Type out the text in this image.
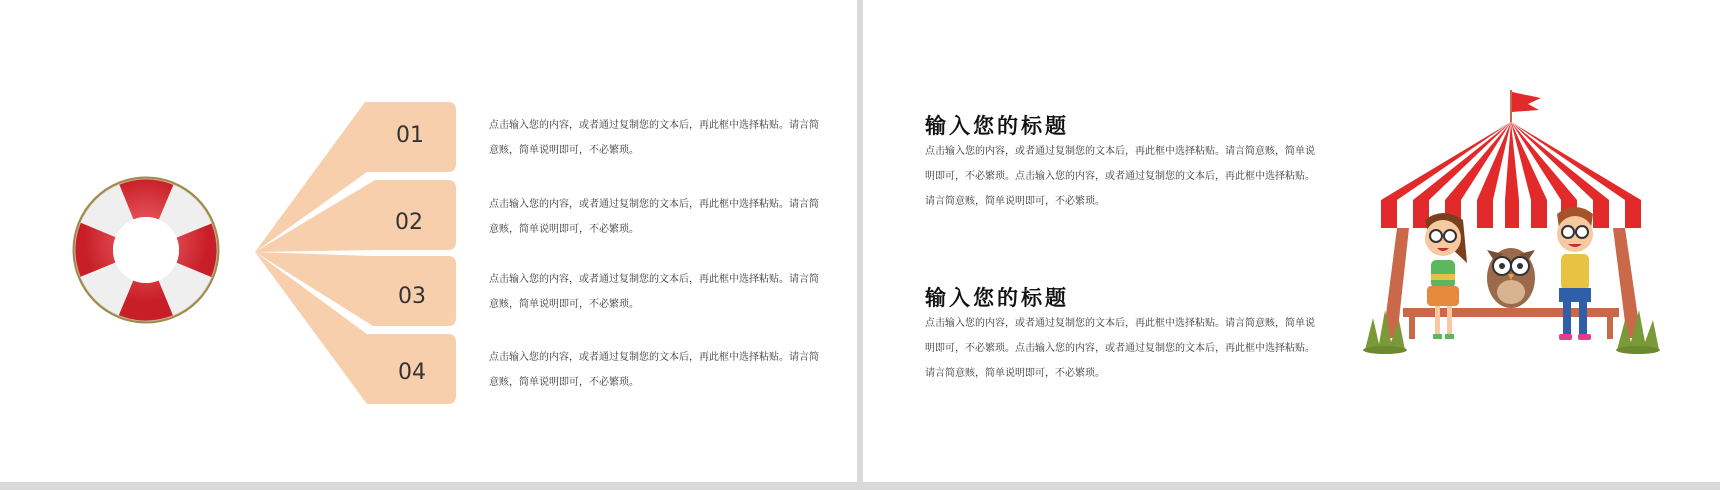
01
02
03
04

点击输入您的内容，或者通过复制您的文本后，再此框中选择粘贴。请言简意赅，简单说明即可，不必繁琐。

点击输入您的内容，或者通过复制您的文本后，再此框中选择粘贴。请言简意赅，简单说明即可，不必繁琐。

点击输入您的内容，或者通过复制您的文本后，再此框中选择粘贴。请言简意赅，简单说明即可，不必繁琐。

点击输入您的内容，或者通过复制您的文本后，再此框中选择粘贴。请言简意赅，简单说明即可，不必繁琐。

输入您的标题

点击输入您的内容，或者通过复制您的文本后，再此框中选择粘贴。请言简意赅，简单说明即可，不必繁琐。点击输入您的内容，或者通过复制您的文本后，再此框中选择粘贴。请言简意赅，简单说明即可，不必繁琐。

输入您的标题

点击输入您的内容，或者通过复制您的文本后，再此框中选择粘贴。请言简意赅，简单说明即可，不必繁琐。点击输入您的内容，或者通过复制您的文本后，再此框中选择粘贴。请言简意赅，简单说明即可，不必繁琐。
